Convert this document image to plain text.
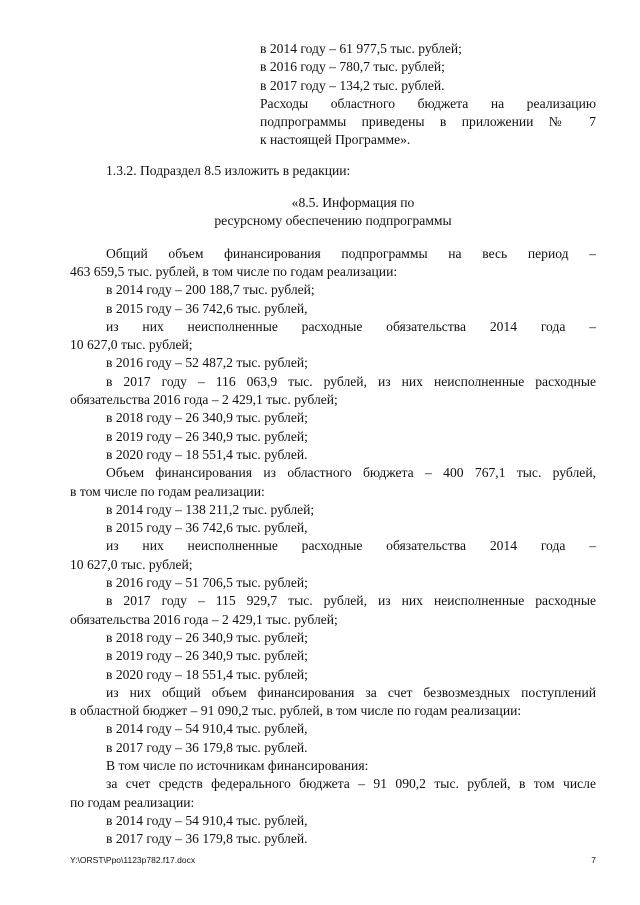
в 2014 году – 61 977,5 тыс. рублей;
в 2016 году – 780,7 тыс. рублей;
в 2017 году – 134,2 тыс. рублей.
Расходы областного бюджета на реализацию
подпрограммы приведены в приложении № 7
к настоящей Программе».
1.3.2. Подраздел 8.5 изложить в редакции:
«8.5. Информация по
ресурсному обеспечению подпрограммы
Общий объем финансирования подпрограммы на весь период –
463 659,5 тыс. рублей, в том числе по годам реализации:
в 2014 году – 200 188,7 тыс. рублей;
в 2015 году – 36 742,6 тыс. рублей,
из них неисполненные расходные обязательства 2014 года –
10 627,0 тыс. рублей;
в 2016 году – 52 487,2 тыс. рублей;
в 2017 году – 116 063,9 тыс. рублей, из них неисполненные расходные
обязательства 2016 года – 2 429,1 тыс. рублей;
в 2018 году – 26 340,9 тыс. рублей;
в 2019 году – 26 340,9 тыс. рублей;
в 2020 году – 18 551,4 тыс. рублей.
Объем финансирования из областного бюджета – 400 767,1 тыс. рублей,
в том числе по годам реализации:
в 2014 году – 138 211,2 тыс. рублей;
в 2015 году – 36 742,6 тыс. рублей,
из них неисполненные расходные обязательства 2014 года –
10 627,0 тыс. рублей;
в 2016 году – 51 706,5 тыс. рублей;
в 2017 году – 115 929,7 тыс. рублей, из них неисполненные расходные
обязательства 2016 года – 2 429,1 тыс. рублей;
в 2018 году – 26 340,9 тыс. рублей;
в 2019 году – 26 340,9 тыс. рублей;
в 2020 году – 18 551,4 тыс. рублей;
из них общий объем финансирования за счет безвозмездных поступлений
в областной бюджет – 91 090,2 тыс. рублей, в том числе по годам реализации:
в 2014 году – 54 910,4 тыс. рублей,
в 2017 году – 36 179,8 тыс. рублей.
В том числе по источникам финансирования:
за счет средств федерального бюджета – 91 090,2 тыс. рублей, в том числе
по годам реализации:
в 2014 году – 54 910,4 тыс. рублей,
в 2017 году – 36 179,8 тыс. рублей.
Y:\ORST\Ppo\1123p782.f17.docx	7
